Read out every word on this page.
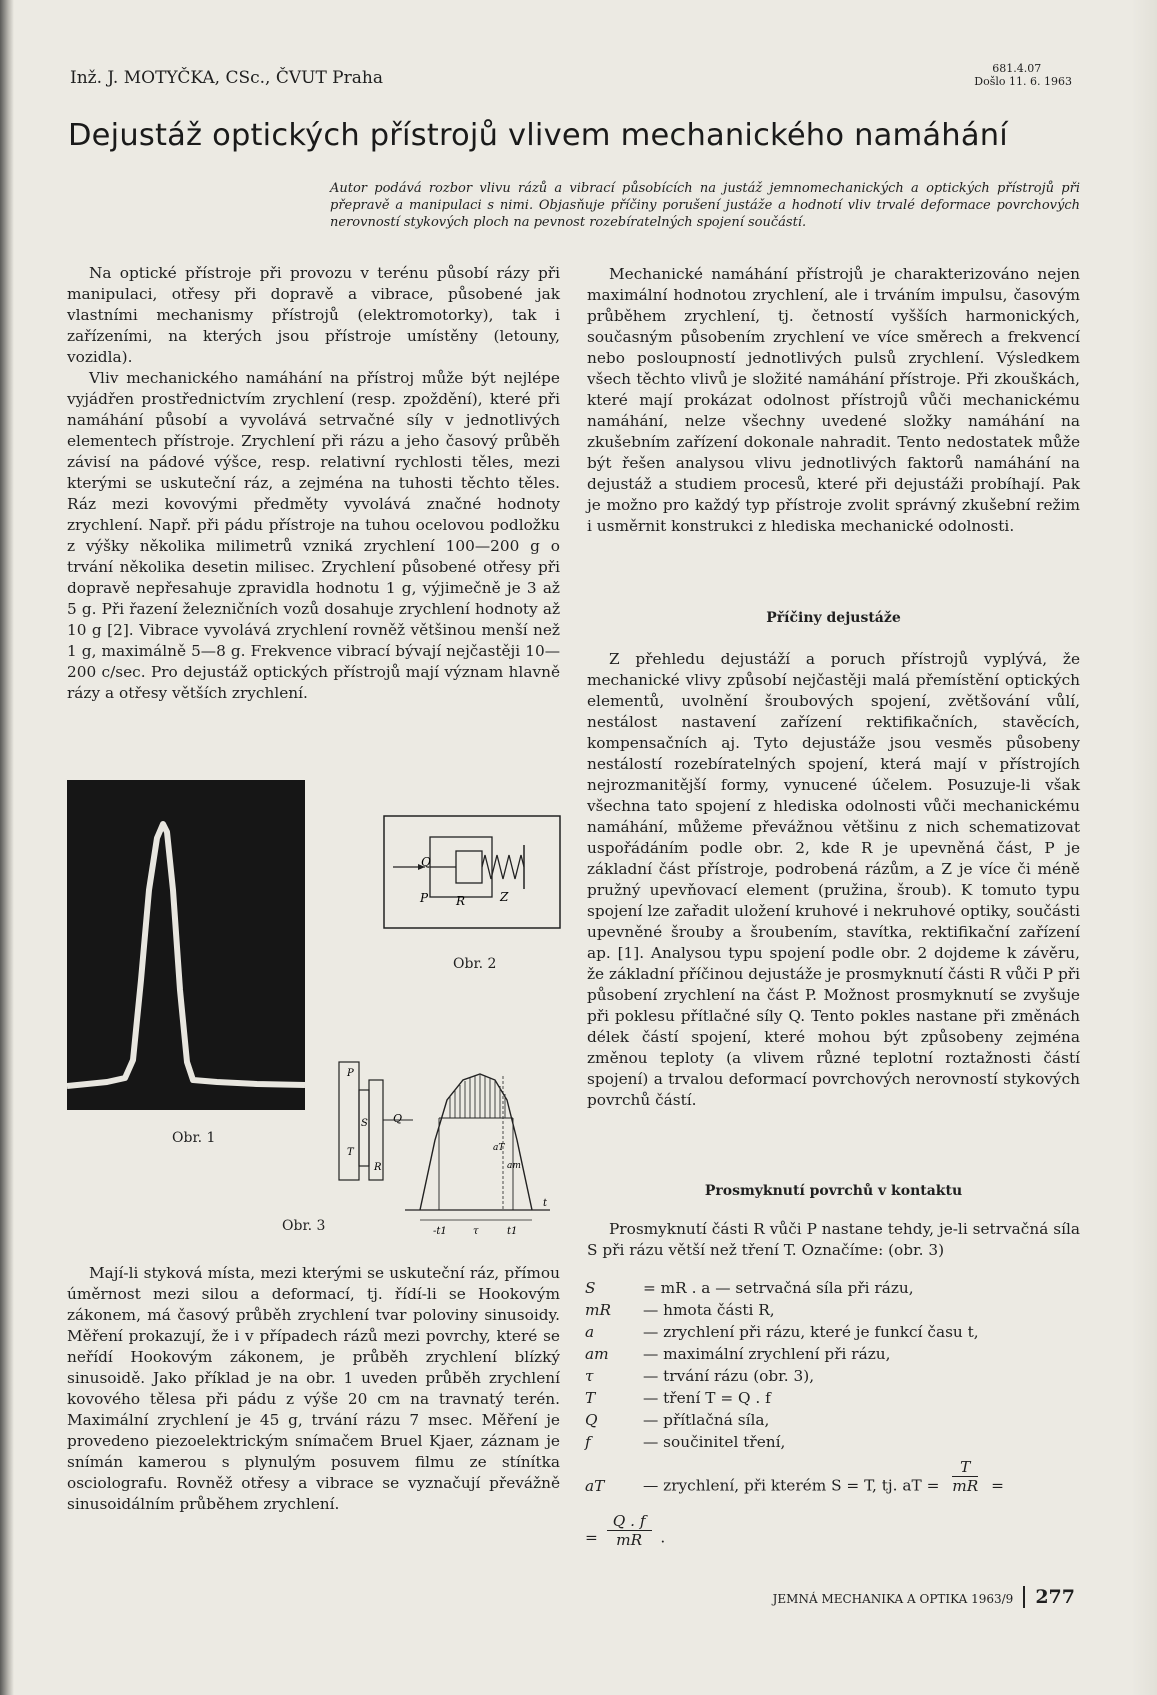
Inž. J. MOTYČKA, CSc., ČVUT Praha	681.4.07
Došlo 11. 6. 1963
Dejustáž optických přístrojů vlivem mechanického namáhání
Autor podává rozbor vlivu rázů a vibrací působících na justáž jemnomechanických a optických přístrojů při přepravě a manipulaci s nimi. Objasňuje příčiny porušení justáže a hodnotí vliv trvalé deformace povrchových nerovností stykových ploch na pevnost rozebíratelných spojení součástí.

Na optické přístroje při provozu v terénu působí rázy při manipulaci, otřesy při dopravě a vibrace, působené jak vlastními mechanismy přístrojů (elektromotorky), tak i zařízeními, na kterých jsou přístroje umístěny (letouny, vozidla).

Vliv mechanického namáhání na přístroj může být nejlépe vyjádřen prostřednictvím zrychlení (resp. zpoždění), které při namáhání působí a vyvolává setrvačné síly v jednotlivých elementech přístroje. Zrychlení při rázu a jeho časový průběh závisí na pádové výšce, resp. relativní rychlosti těles, mezi kterými se uskuteční ráz, a zejména na tuhosti těchto těles. Ráz mezi kovovými předměty vyvolává značné hodnoty zrychlení. Např. při pádu přístroje na tuhou ocelovou podložku z výšky několika milimetrů vzniká zrychlení 100—200 g o trvání několika desetin milisec. Zrychlení působené otřesy při dopravě nepřesahuje zpravidla hodnotu 1 g, výjimečně je 3 až 5 g. Při řazení železničních vozů dosahuje zrychlení hodnoty až 10 g [2]. Vibrace vyvolává zrychlení rovněž většinou menší než 1 g, maximálně 5—8 g. Frekvence vibrací bývají nejčastěji 10—200 c/sec. Pro dejustáž optických přístrojů mají význam hlavně rázy a otřesy větších zrychlení.

Obr. 1
Q
P R	Z
Obr. 2
P
S
R
T
Q
am
aT
-t1	τ	t1
t
Obr. 3

Mají-li styková místa, mezi kterými se uskuteční ráz, přímou úměrnost mezi silou a deformací, tj. řídí-li se Hookovým zákonem, má časový průběh zrychlení tvar poloviny sinusoidy. Měření prokazují, že i v případech rázů mezi povrchy, které se neřídí Hookovým zákonem, je průběh zrychlení blízký sinusoidě. Jako příklad je na obr. 1 uveden průběh zrychlení kovového tělesa při pádu z výše 20 cm na travnatý terén. Maximální zrychlení je 45 g, trvání rázu 7 msec. Měření je provedeno piezoelektrickým snímačem Bruel Kjaer, záznam je snímán kamerou s plynulým posuvem filmu ze stínítka osciolografu. Rovněž otřesy a vibrace se vyznačují převážně sinusoidálním průběhem zrychlení.

Mechanické namáhání přístrojů je charakterizováno nejen maximální hodnotou zrychlení, ale i trváním impulsu, časovým průběhem zrychlení, tj. četností vyšších harmonických, současným působením zrychlení ve více směrech a frekvencí nebo posloupností jednotlivých pulsů zrychlení. Výsledkem všech těchto vlivů je složité namáhání přístroje. Při zkouškách, které mají prokázat odolnost přístrojů vůči mechanickému namáhání, nelze všechny uvedené složky namáhání na zkušebním zařízení dokonale nahradit. Tento nedostatek může být řešen analysou vlivu jednotlivých faktorů namáhání na dejustáž a studiem procesů, které při dejustáži probíhají. Pak je možno pro každý typ přístroje zvolit správný zkušební režim i usměrnit konstrukci z hlediska mechanické odolnosti.

Příčiny dejustáže

Z přehledu dejustáží a poruch přístrojů vyplývá, že mechanické vlivy způsobí nejčastěji malá přemístění optických elementů, uvolnění šroubových spojení, zvětšování vůlí, nestálost nastavení zařízení rektifikačních, stavěcích, kompensačních aj. Tyto dejustáže jsou vesměs působeny nestálostí rozebíratelných spojení, která mají v přístrojích nejrozmanitější formy, vynucené účelem. Posuzuje-li však všechna tato spojení z hlediska odolnosti vůči mechanickému namáhání, můžeme převážnou většinu z nich schematizovat uspořádáním podle obr. 2, kde R je upevněná část, P je základní část přístroje, podrobená rázům, a Z je více či méně pružný upevňovací element (pružina, šroub). K tomuto typu spojení lze zařadit uložení kruhové i nekruhové optiky, součásti upevněné šrouby a šroubením, stavítka, rektifikační zařízení ap. [1]. Analysou typu spojení podle obr. 2 dojdeme k závěru, že základní příčinou dejustáže je prosmyknutí části R vůči P při působení zrychlení na část P. Možnost prosmyknutí se zvyšuje při poklesu přítlačné síly Q. Tento pokles nastane při změnách délek částí spojení, které mohou být způsobeny zejména změnou teploty (a vlivem různé teplotní roztažnosti částí spojení) a trvalou deformací povrchových nerovností stykových povrchů částí.

Prosmyknutí povrchů v kontaktu

Prosmyknutí části R vůči P nastane tehdy, je-li setrvačná síla S při rázu větší než tření T. Označíme: (obr. 3)

S	= mR . a — setrvačná síla při rázu,
mR — hmota části R,
a	— zrychlení při rázu, které je funkcí času t,
am — maximální zrychlení při rázu,
τ	— trvání rázu (obr. 3),
T	— tření T = Q . f
Q	— přítlačná síla,
f	— součinitel tření,
aT	— zrychlení, při kterém S = T, tj. aT = $\frac{T}{mR}$ =
= $\frac{Q . f}{mR}$ .
JEMNÁ MECHANIKA A OPTIKA 1963/9 277
